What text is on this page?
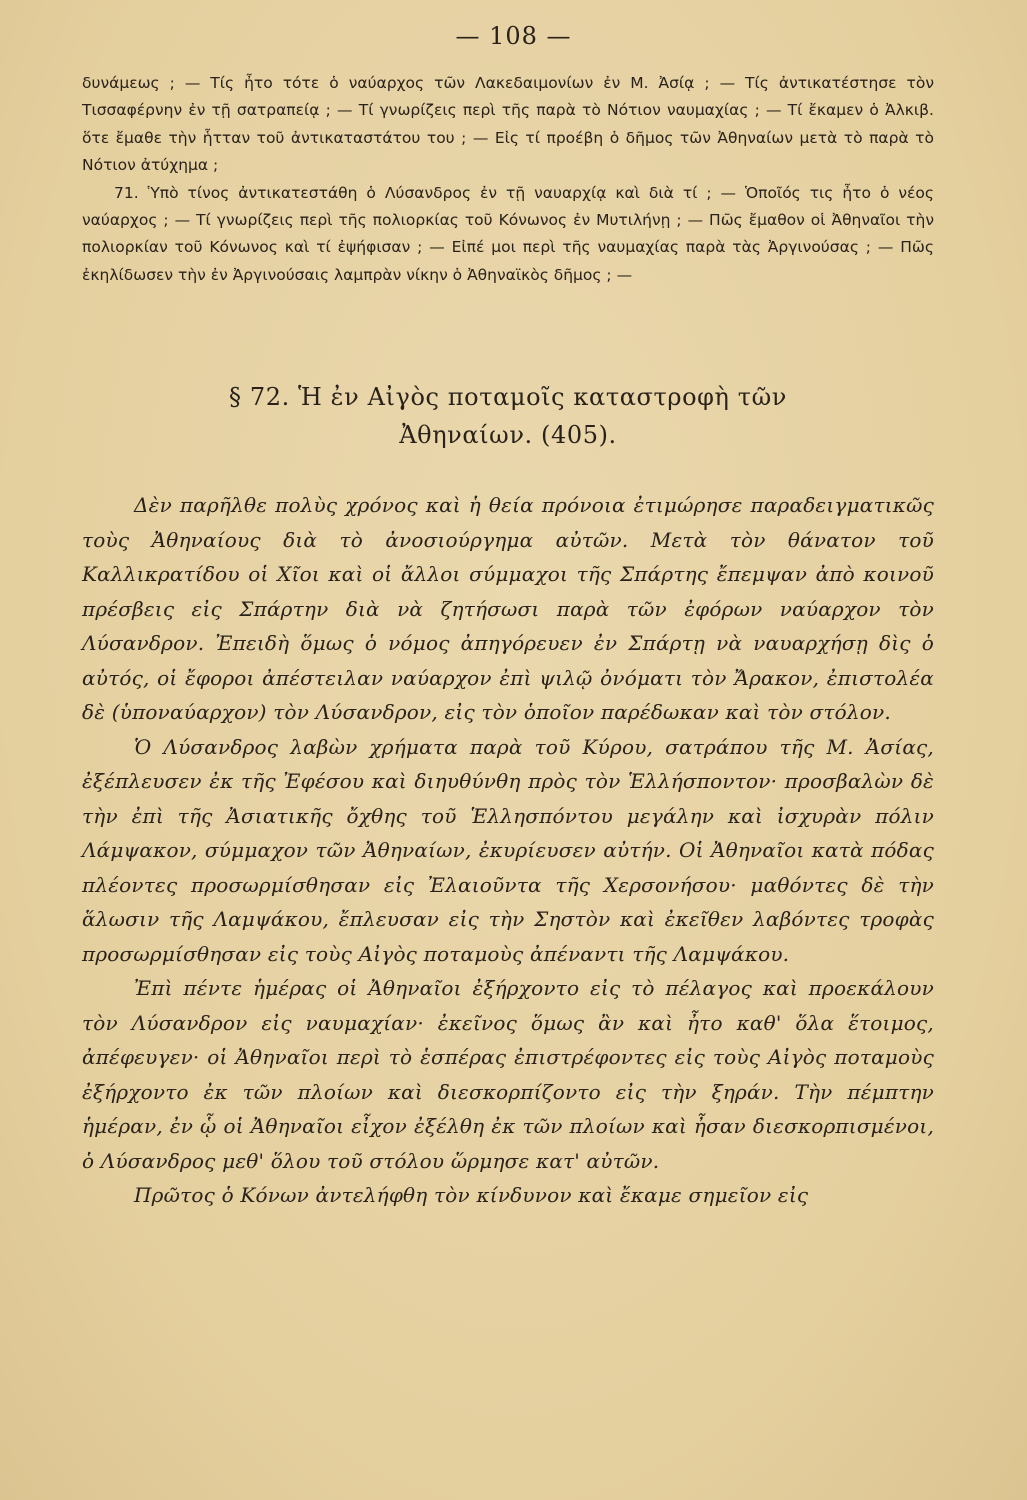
— 108 —

δυνάμεως ; — Τίς ἦτο τότε ὁ ναύαρχος τῶν Λακεδαιμονίων ἐν Μ. Ἀσίᾳ ; — Τίς ἀντικατέστησε τὸν Τισσαφέρνην ἐν τῇ σατραπείᾳ ; — Τί γνωρίζεις περὶ τῆς παρὰ τὸ Νότιον ναυμαχίας ; — Τί ἔκαμεν ὁ Ἀλκιβ. ὅτε ἔμαθε τὴν ἧτταν τοῦ ἀντικαταστάτου του ; — Εἰς τί προέβη ὁ δῆμος τῶν Ἀθηναίων μετὰ τὸ παρὰ τὸ Νότιον ἀτύχημα ;

71. Ὑπὸ τίνος ἀντικατεστάθη ὁ Λύσανδρος ἐν τῇ ναυαρχίᾳ καὶ διὰ τί ; — Ὁποῖός τις ἦτο ὁ νέος ναύαρχος ; — Τί γνωρίζεις περὶ τῆς πολιορκίας τοῦ Κόνωνος ἐν Μυτιλήνῃ ; — Πῶς ἔμαθον οἱ Ἀθηναῖοι τὴν πολιορκίαν τοῦ Κόνωνος καὶ τί ἐψήφισαν ; — Εἰπέ μοι περὶ τῆς ναυμαχίας παρὰ τὰς Ἀργινούσας ; — Πῶς ἐκηλίδωσεν τὴν ἐν Ἀργινούσαις λαμπρὰν νίκην ὁ Ἀθηναϊκὸς δῆμος ; —

§ 72. Ἡ ἐν Αἰγὸς ποταμοῖς καταστροφὴ τῶν
Ἀθηναίων. (405).

Δὲν παρῆλθε πολὺς χρόνος καὶ ἡ θεία πρόνοια ἐτιμώρησε παραδειγματικῶς τοὺς Ἀθηναίους διὰ τὸ ἀνοσιούργημα αὐτῶν. Μετὰ τὸν θάνατον τοῦ Καλλικρατίδου οἱ Χῖοι καὶ οἱ ἄλλοι σύμμαχοι τῆς Σπάρτης ἔπεμψαν ἀπὸ κοινοῦ πρέσβεις εἰς Σπάρτην διὰ νὰ ζητήσωσι παρὰ τῶν ἐφόρων ναύαρχον τὸν Λύσανδρον. Ἐπειδὴ ὅμως ὁ νόμος ἀπηγόρευεν ἐν Σπάρτῃ νὰ ναυαρχήσῃ δὶς ὁ αὐτός, οἱ ἔφοροι ἀπέστειλαν ναύαρχον ἐπὶ ψιλῷ ὀνόματι τὸν Ἄρακον, ἐπιστολέα δὲ (ὑποναύαρχον) τὸν Λύσανδρον, εἰς τὸν ὁποῖον παρέδωκαν καὶ τὸν στόλον.

Ὁ Λύσανδρος λαβὼν χρήματα παρὰ τοῦ Κύρου, σατράπου τῆς Μ. Ἀσίας, ἐξέπλευσεν ἐκ τῆς Ἐφέσου καὶ διηυθύνθη πρὸς τὸν Ἑλλήσποντον· προσβαλὼν δὲ τὴν ἐπὶ τῆς Ἀσιατικῆς ὄχθης τοῦ Ἑλλησπόντου μεγάλην καὶ ἰσχυρὰν πόλιν Λάμψακον, σύμμαχον τῶν Ἀθηναίων, ἐκυρίευσεν αὐτήν. Οἱ Ἀθηναῖοι κατὰ πόδας πλέοντες προσωρμίσθησαν εἰς Ἐλαιοῦντα τῆς Χερσονήσου· μαθόντες δὲ τὴν ἅλωσιν τῆς Λαμψάκου, ἔπλευσαν εἰς τὴν Σηστὸν καὶ ἐκεῖθεν λαβόντες τροφὰς προσωρμίσθησαν εἰς τοὺς Αἰγὸς ποταμοὺς ἀπέναντι τῆς Λαμψάκου.

Ἐπὶ πέντε ἡμέρας οἱ Ἀθηναῖοι ἐξήρχοντο εἰς τὸ πέλαγος καὶ προεκάλουν τὸν Λύσανδρον εἰς ναυμαχίαν· ἐκεῖνος ὅμως ἂν καὶ ἦτο καθ' ὅλα ἕτοιμος, ἀπέφευγεν· οἱ Ἀθηναῖοι περὶ τὸ ἑσπέρας ἐπιστρέφοντες εἰς τοὺς Αἰγὸς ποταμοὺς ἐξήρχοντο ἐκ τῶν πλοίων καὶ διεσκορπίζοντο εἰς τὴν ξηράν. Τὴν πέμπτην ἡμέραν, ἐν ᾧ οἱ Ἀθηναῖοι εἶχον ἐξέλθη ἐκ τῶν πλοίων καὶ ἦσαν διεσκορπισμένοι, ὁ Λύσανδρος μεθ' ὅλου τοῦ στόλου ὥρμησε κατ' αὐτῶν.

Πρῶτος ὁ Κόνων ἀντελήφθη τὸν κίνδυνον καὶ ἔκαμε σημεῖον εἰς
